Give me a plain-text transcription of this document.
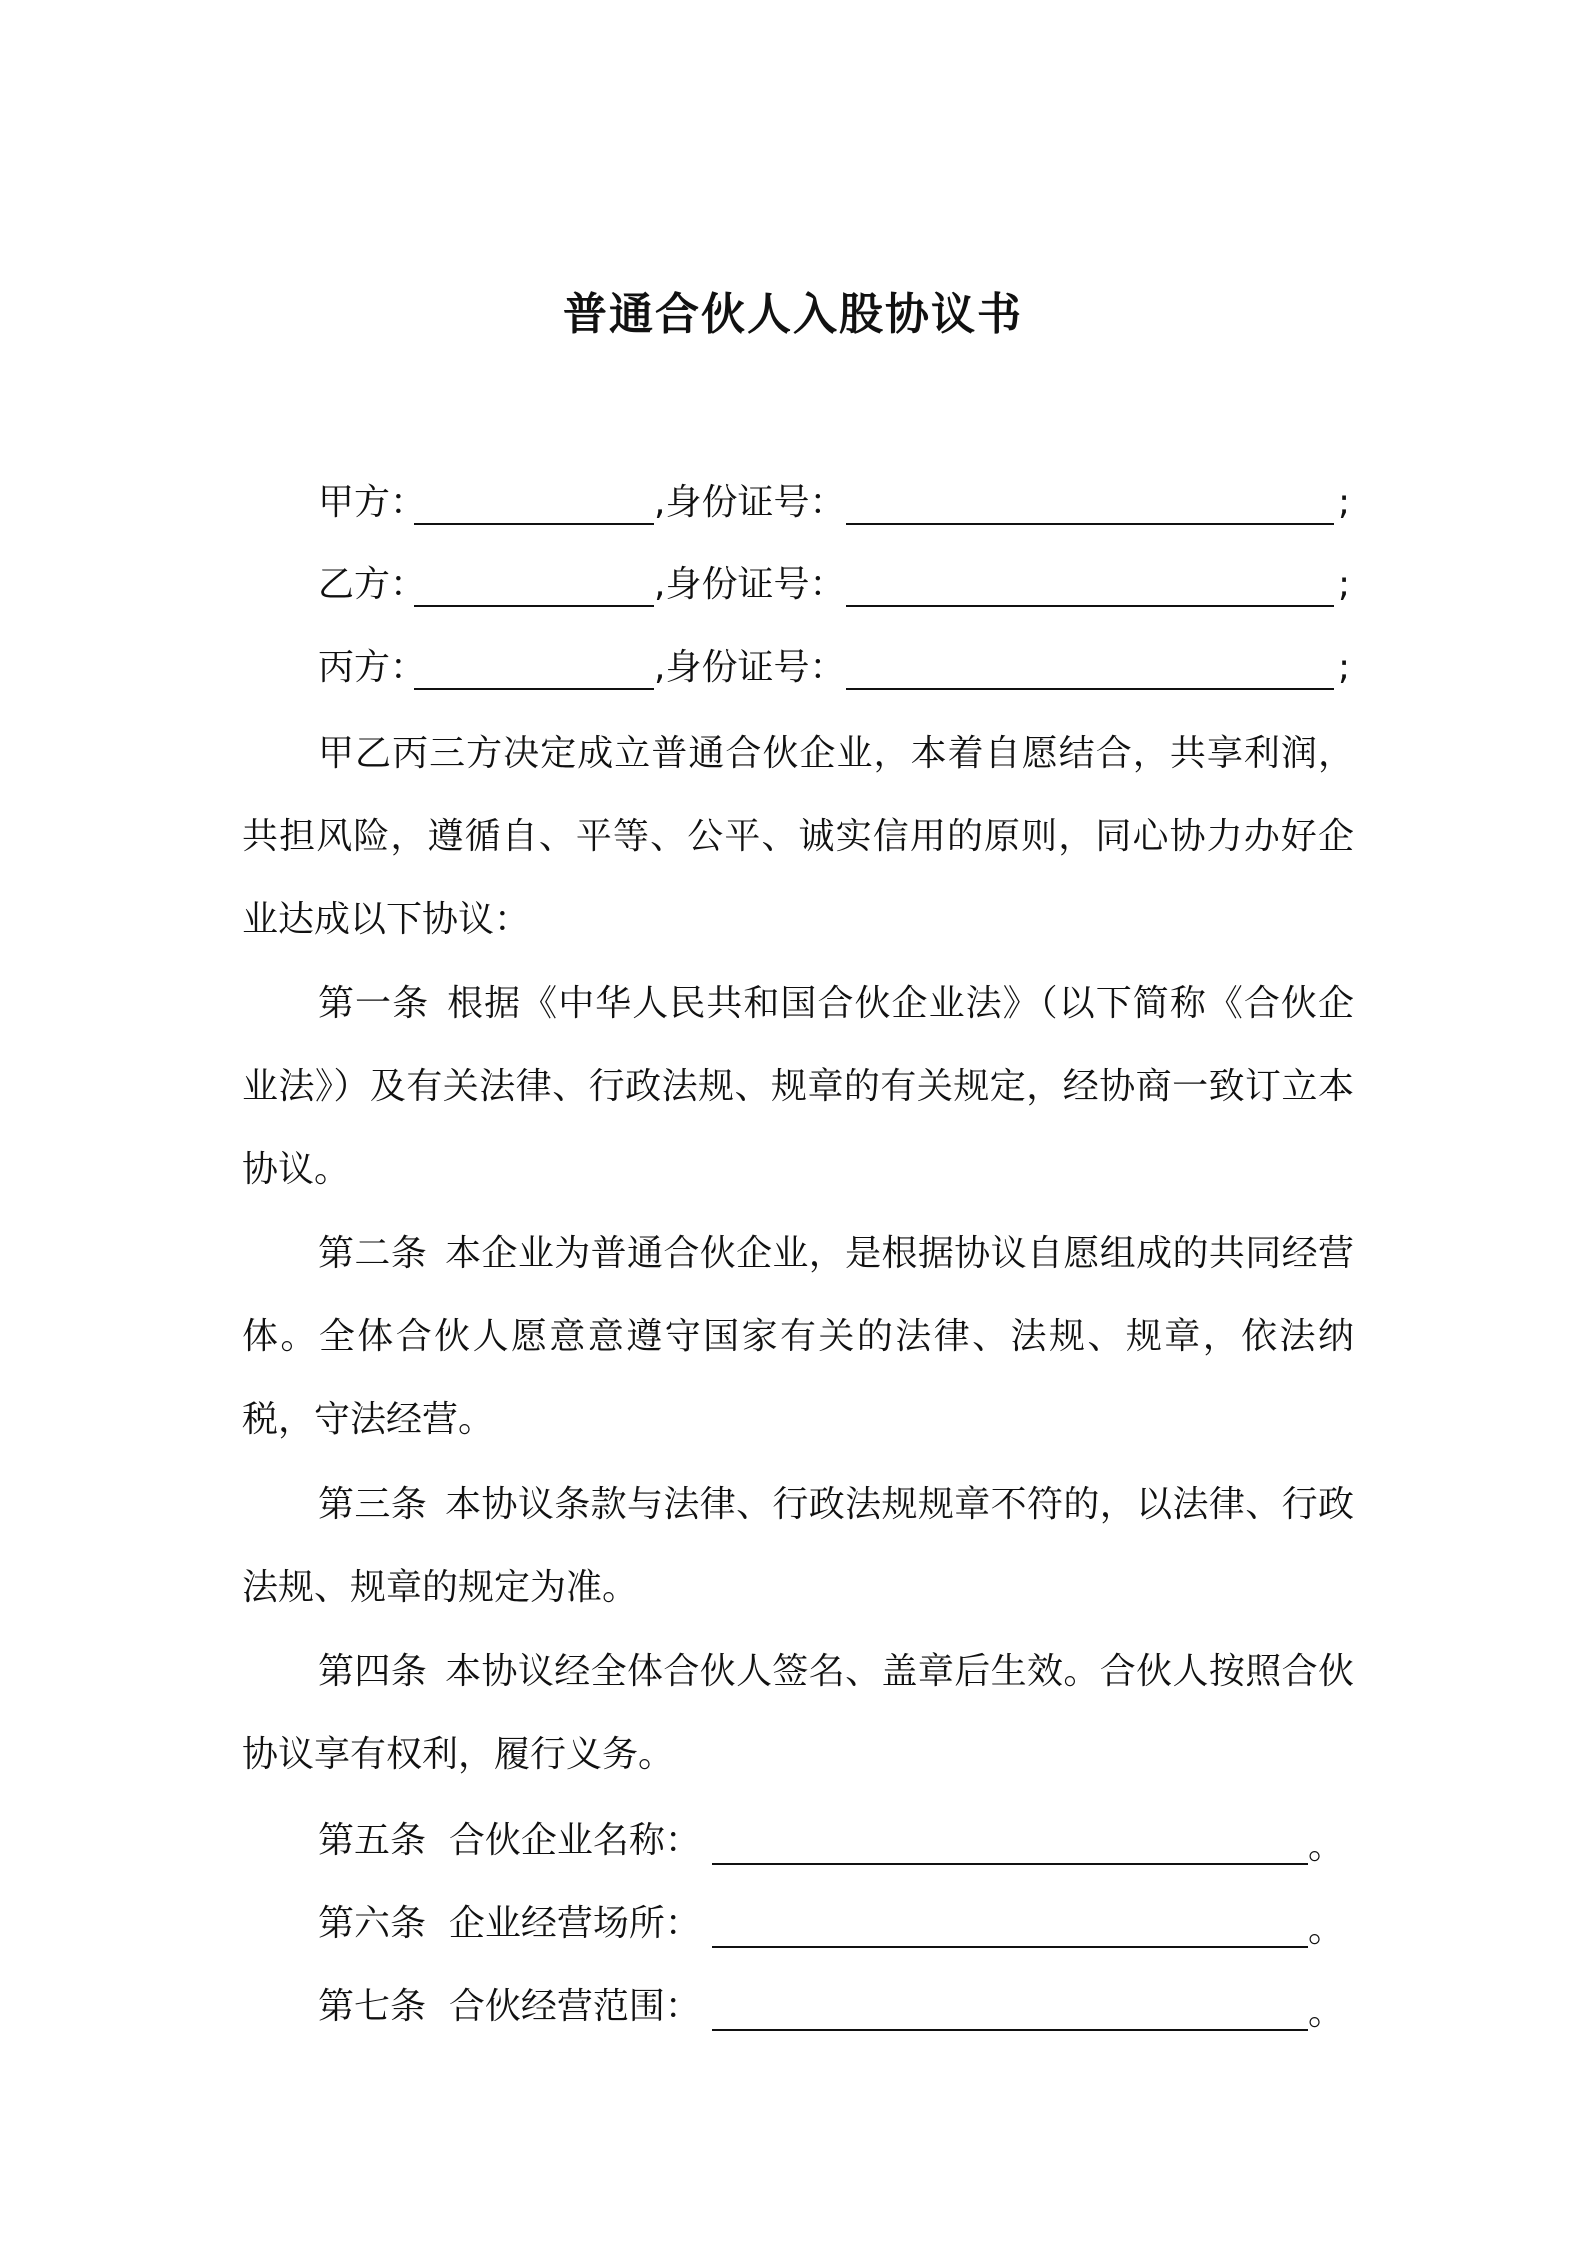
普通合伙人入股协议书
甲方：	,身份证号：	;
乙方：	,身份证号：	;
丙方：	,身份证号：	;

甲乙丙三方决定成立普通合伙企业，本着自愿结合，共享利润，共担风险，遵循自、平等、公平、诚实信用的原则，同心协力办好企业达成以下协议：

第一条 根据《中华人民共和国合伙企业法》（以下简称《合伙企业法》）及有关法律、行政法规、规章的有关规定，经协商一致订立本协议。

第二条 本企业为普通合伙企业，是根据协议自愿组成的共同经营体。全体合伙人愿意意遵守国家有关的法律、法规、规章，依法纳税，守法经营。

第三条 本协议条款与法律、行政法规规章不符的，以法律、行政法规、规章的规定为准。

第四条 本协议经全体合伙人签名、盖章后生效。合伙人按照合伙协议享有权利，履行义务。

第五条 合伙企业名称：	。
第六条 企业经营场所：	。
第七条 合伙经营范围：	。
